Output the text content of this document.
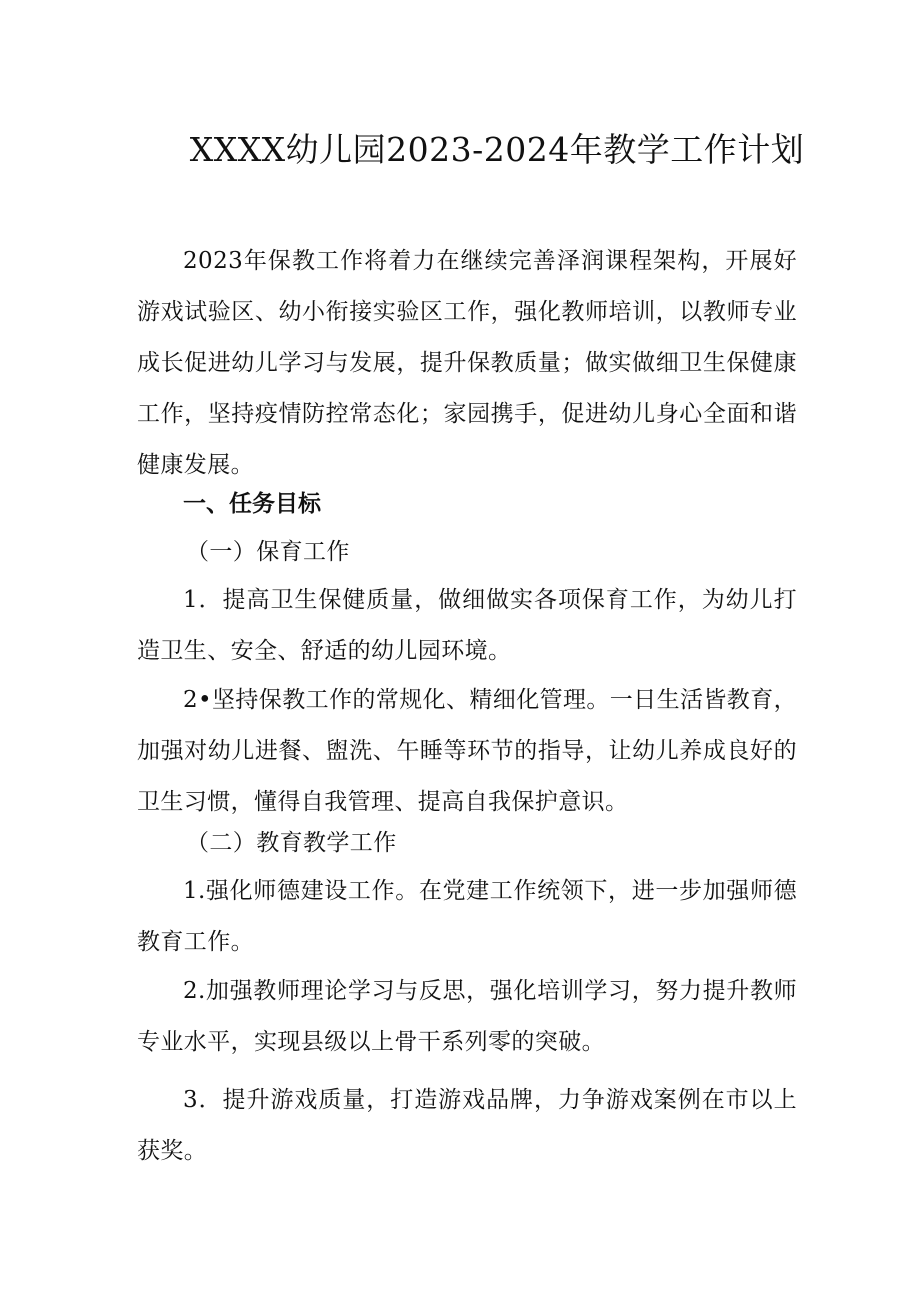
XXXX幼儿园2023-2024年教学工作计划

2023年保教工作将着力在继续完善泽润课程架构，开展好游戏试验区、幼小衔接实验区工作，强化教师培训，以教师专业成长促进幼儿学习与发展，提升保教质量；做实做细卫生保健康工作，坚持疫情防控常态化；家园携手，促进幼儿身心全面和谐健康发展。

一、任务目标

（一）保育工作

1．提高卫生保健质量，做细做实各项保育工作，为幼儿打造卫生、安全、舒适的幼儿园环境。

2•坚持保教工作的常规化、精细化管理。一日生活皆教育，加强对幼儿进餐、盥洗、午睡等环节的指导，让幼儿养成良好的卫生习惯，懂得自我管理、提高自我保护意识。

（二）教育教学工作

1.强化师德建设工作。在党建工作统领下，进一步加强师德教育工作。

2.加强教师理论学习与反思，强化培训学习，努力提升教师专业水平，实现县级以上骨干系列零的突破。

3．提升游戏质量，打造游戏品牌，力争游戏案例在市以上获奖。
